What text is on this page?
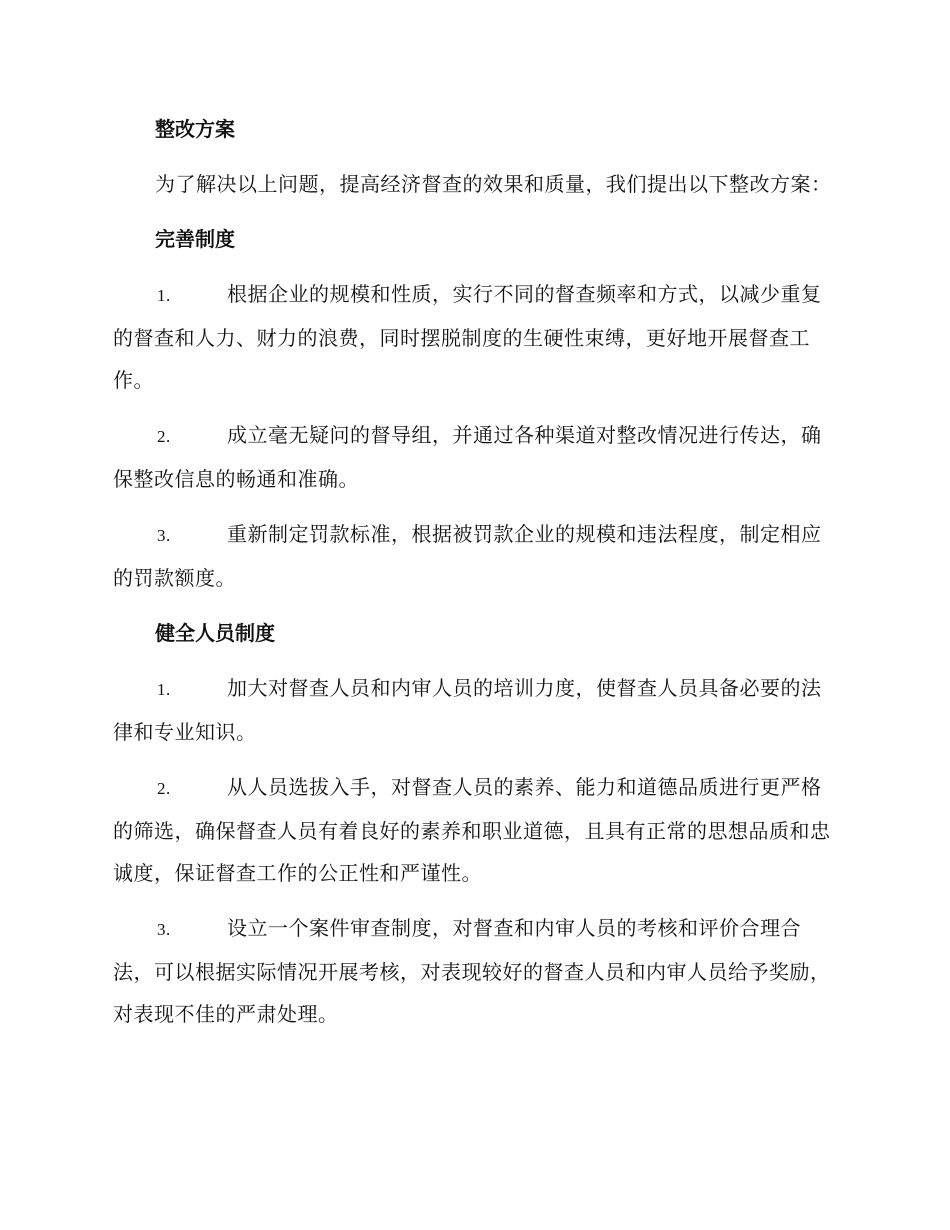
整改方案
为了解决以上问题，提高经济督查的效果和质量，我们提出以下整改方案：
完善制度
1.	根据企业的规模和性质，实行不同的督查频率和方式，以减少重复的督查和人力、财力的浪费，同时摆脱制度的生硬性束缚，更好地开展督查工作。
2.	成立毫无疑问的督导组，并通过各种渠道对整改情况进行传达，确保整改信息的畅通和准确。
3.	重新制定罚款标准，根据被罚款企业的规模和违法程度，制定相应的罚款额度。
健全人员制度
1.	加大对督查人员和内审人员的培训力度，使督查人员具备必要的法律和专业知识。
2.	从人员选拔入手，对督查人员的素养、能力和道德品质进行更严格的筛选，确保督查人员有着良好的素养和职业道德，且具有正常的思想品质和忠诚度，保证督查工作的公正性和严谨性。
3.	设立一个案件审查制度，对督查和内审人员的考核和评价合理合法，可以根据实际情况开展考核，对表现较好的督查人员和内审人员给予奖励，对表现不佳的严肃处理。
